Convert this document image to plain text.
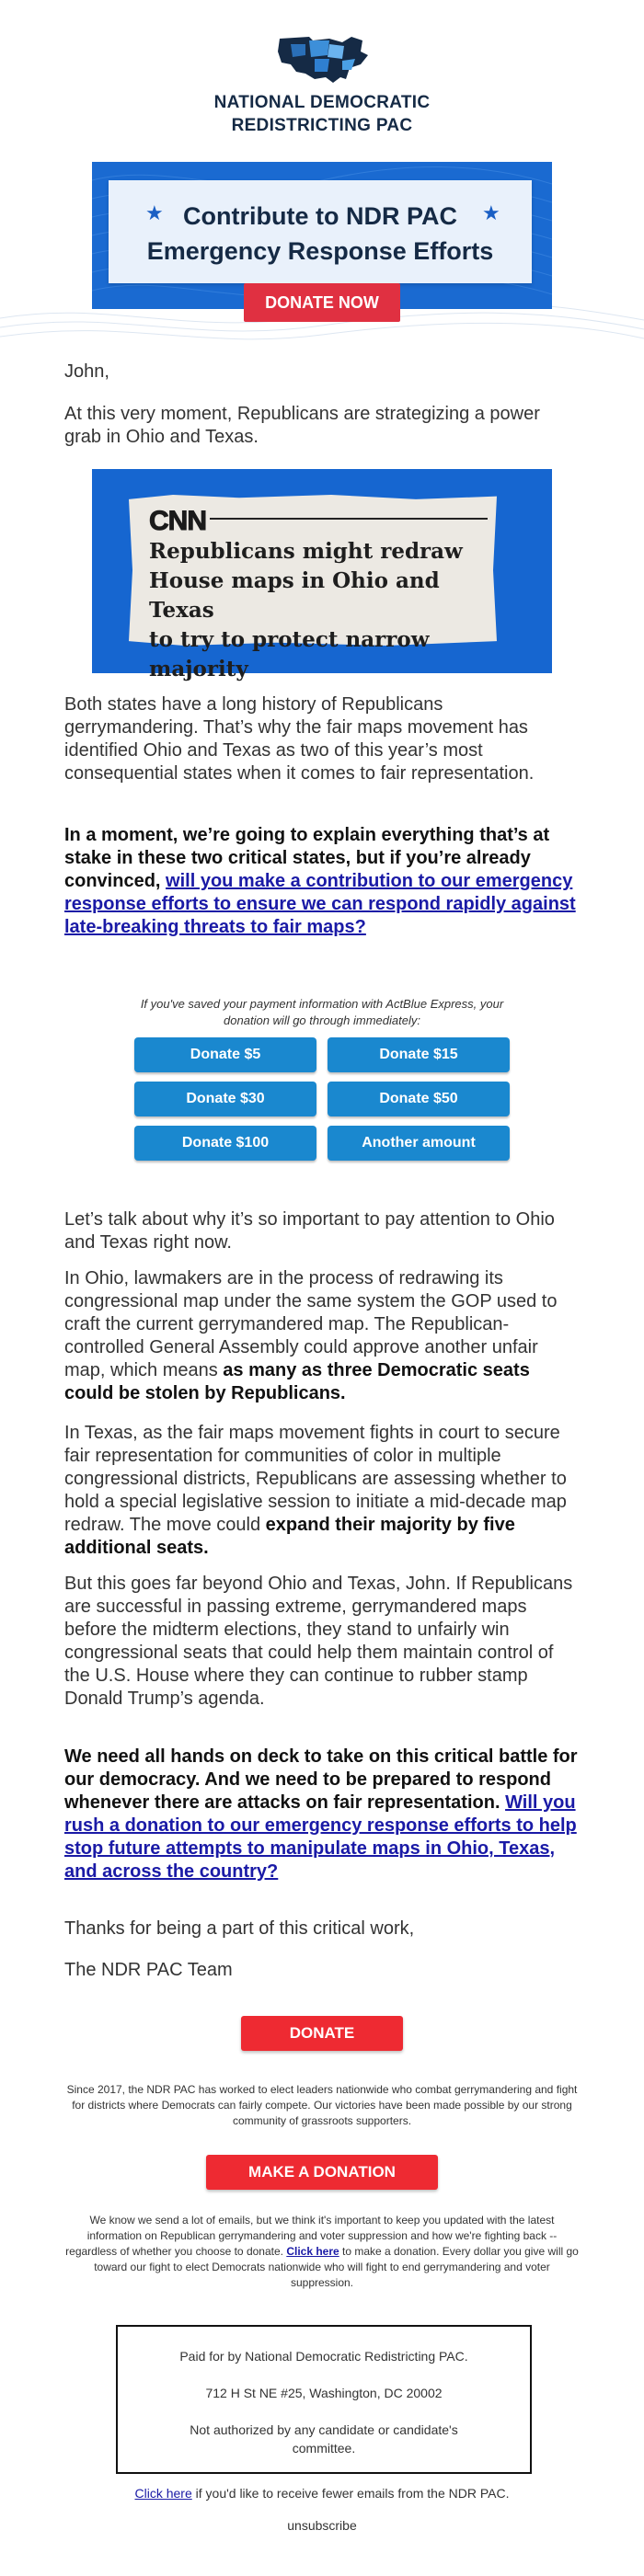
NATIONAL DEMOCRATIC
REDISTRICTING PAC
★	★
Contribute to NDR PAC
Emergency Response Efforts
DONATE NOW

John,

At this very moment, Republicans are strategizing a power grab in Ohio and Texas.

CNN
Republicans might redraw
House maps in Ohio and Texas
to try to protect narrow majority

Both states have a long history of Republicans gerrymandering. That’s why the fair maps movement has identified Ohio and Texas as two of this year’s most consequential states when it comes to fair representation.

In a moment, we’re going to explain everything that’s at stake in these two critical states, but if you’re already convinced, will you make a contribution to our emergency response efforts to ensure we can respond rapidly against late-breaking threats to fair maps?

If you've saved your payment information with ActBlue Express, your donation will go through immediately:
Donate $5	Donate $15
Donate $30	Donate $50
Donate $100	Another amount

Let’s talk about why it’s so important to pay attention to Ohio and Texas right now.

In Ohio, lawmakers are in the process of redrawing its congressional map under the same system the GOP used to craft the current gerrymandered map. The Republican-controlled General Assembly could approve another unfair map, which means as many as three Democratic seats could be stolen by Republicans.

In Texas, as the fair maps movement fights in court to secure fair representation for communities of color in multiple congressional districts, Republicans are assessing whether to hold a special legislative session to initiate a mid-decade map redraw. The move could expand their majority by five additional seats.

But this goes far beyond Ohio and Texas, John. If Republicans are successful in passing extreme, gerrymandered maps before the midterm elections, they stand to unfairly win congressional seats that could help them maintain control of the U.S. House where they can continue to rubber stamp Donald Trump’s agenda.

We need all hands on deck to take on this critical battle for our democracy. And we need to be prepared to respond whenever there are attacks on fair representation. Will you rush a donation to our emergency response efforts to help stop future attempts to manipulate maps in Ohio, Texas, and across the country?

Thanks for being a part of this critical work,

The NDR PAC Team

DONATE
Since 2017, the NDR PAC has worked to elect leaders nationwide who combat gerrymandering and fight for districts where Democrats can fairly compete. Our victories have been made possible by our strong community of grassroots supporters.
MAKE A DONATION
We know we send a lot of emails, but we think it's important to keep you updated with the latest information on Republican gerrymandering and voter suppression and how we're fighting back -- regardless of whether you choose to donate. Click here to make a donation. Every dollar you give will go toward our fight to elect Democrats nationwide who will fight to end gerrymandering and voter suppression.
Paid for by National Democratic Redistricting PAC.
712 H St NE #25, Washington, DC 20002
Not authorized by any candidate or candidate's
committee.
Click here if you'd like to receive fewer emails from the NDR PAC.
unsubscribe
